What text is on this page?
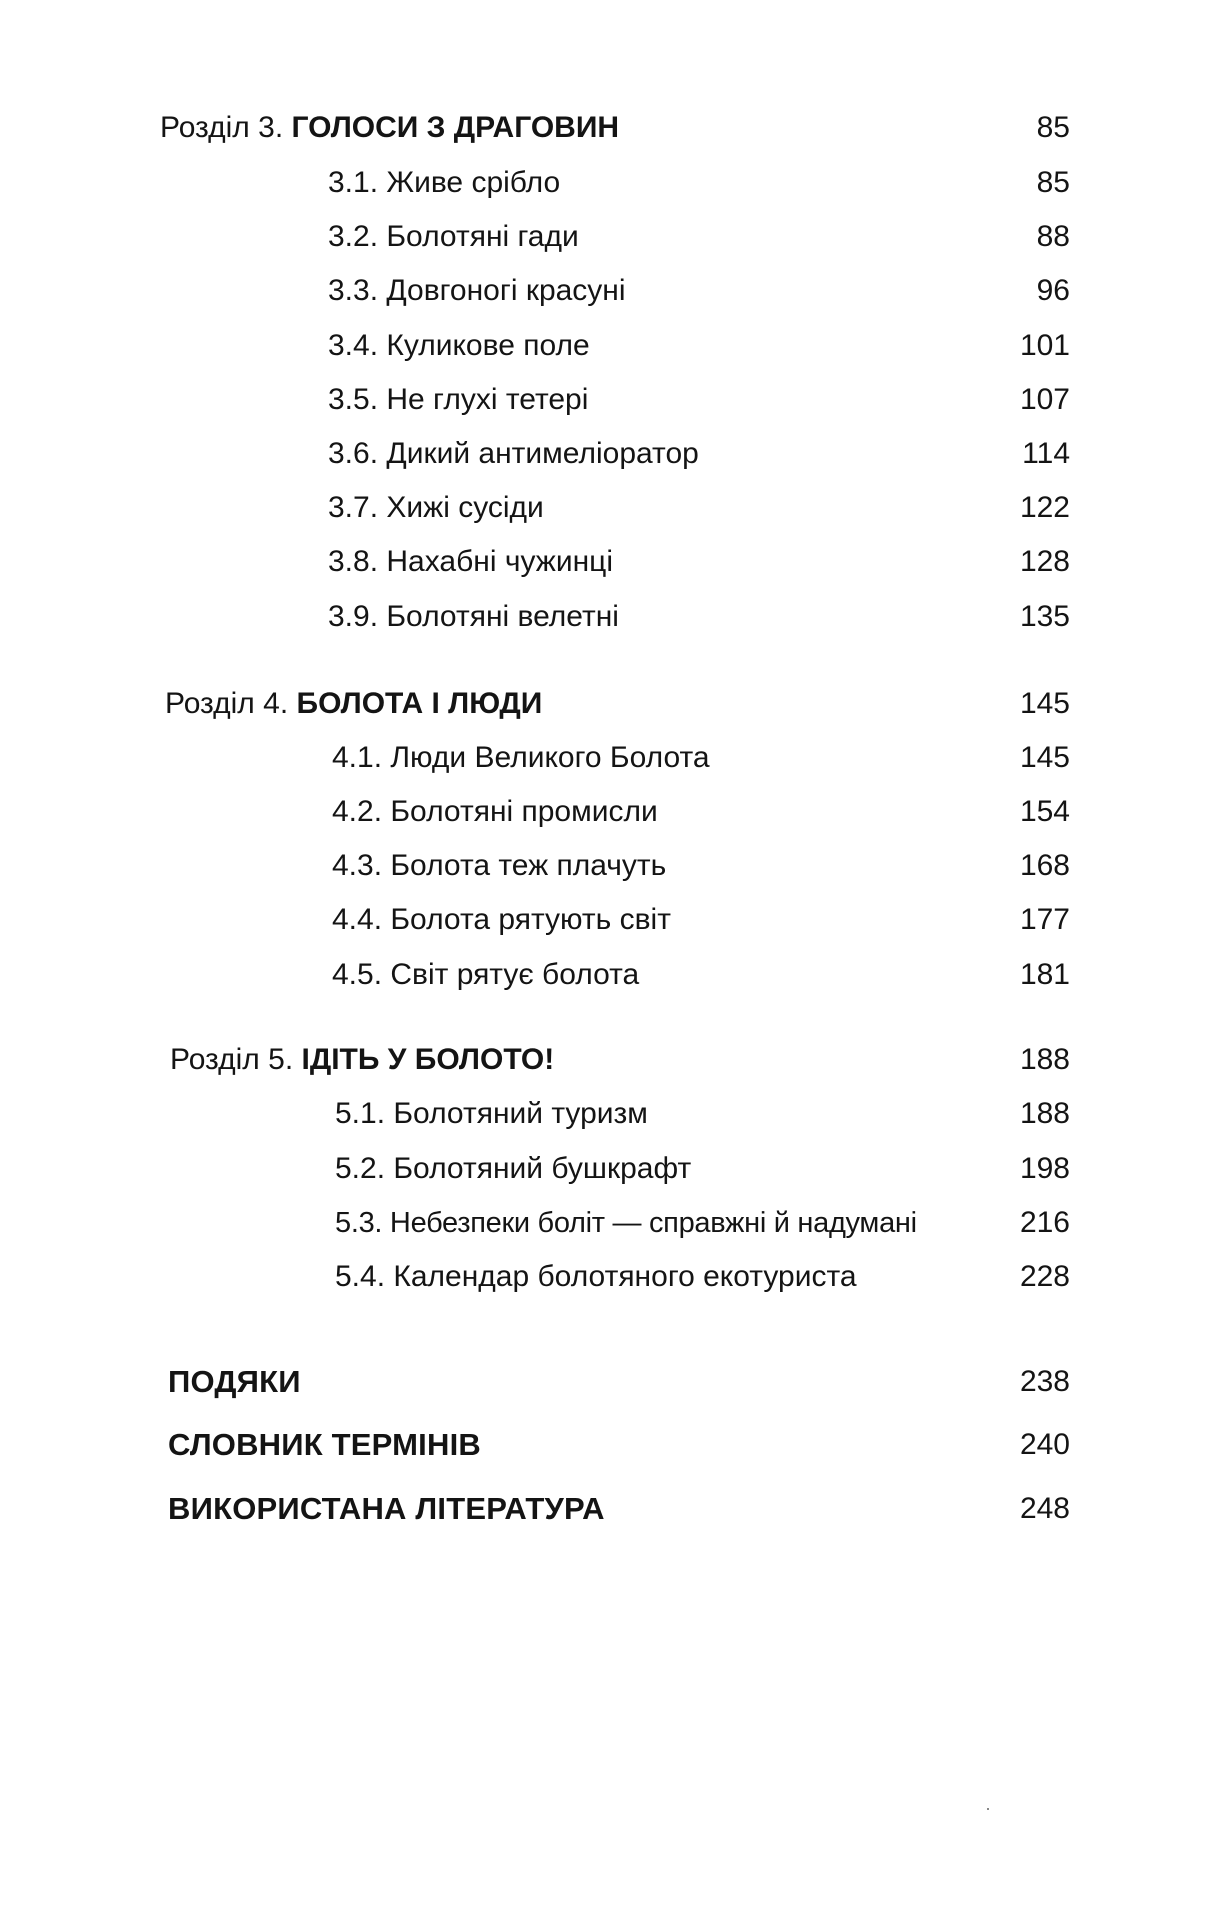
Розділ 3. ГОЛОСИ З ДРАГОВИН	85
3.1. Живе срібло	85
3.2. Болотяні гади	88
3.3. Довгоногі красуні	96
3.4. Куликове поле	101
3.5. Не глухі тетері	107
3.6. Дикий антимеліоратор	114
3.7. Хижі сусіди	122
3.8. Нахабні чужинці	128
3.9. Болотяні велетні	135
Розділ 4. БОЛОТА І ЛЮДИ	145
4.1. Люди Великого Болота	145
4.2. Болотяні промисли	154
4.3. Болота теж плачуть	168
4.4. Болота рятують світ	177
4.5. Світ рятує болота	181
Розділ 5. ІДІТЬ У БОЛОТО!	188
5.1. Болотяний туризм	188
5.2. Болотяний бушкрафт	198
5.3. Небезпеки боліт — справжні й надумані	216
5.4. Календар болотяного екотуриста	228
ПОДЯКИ	238
СЛОВНИК ТЕРМІНІВ	240
ВИКОРИСТАНА ЛІТЕРАТУРА	248
